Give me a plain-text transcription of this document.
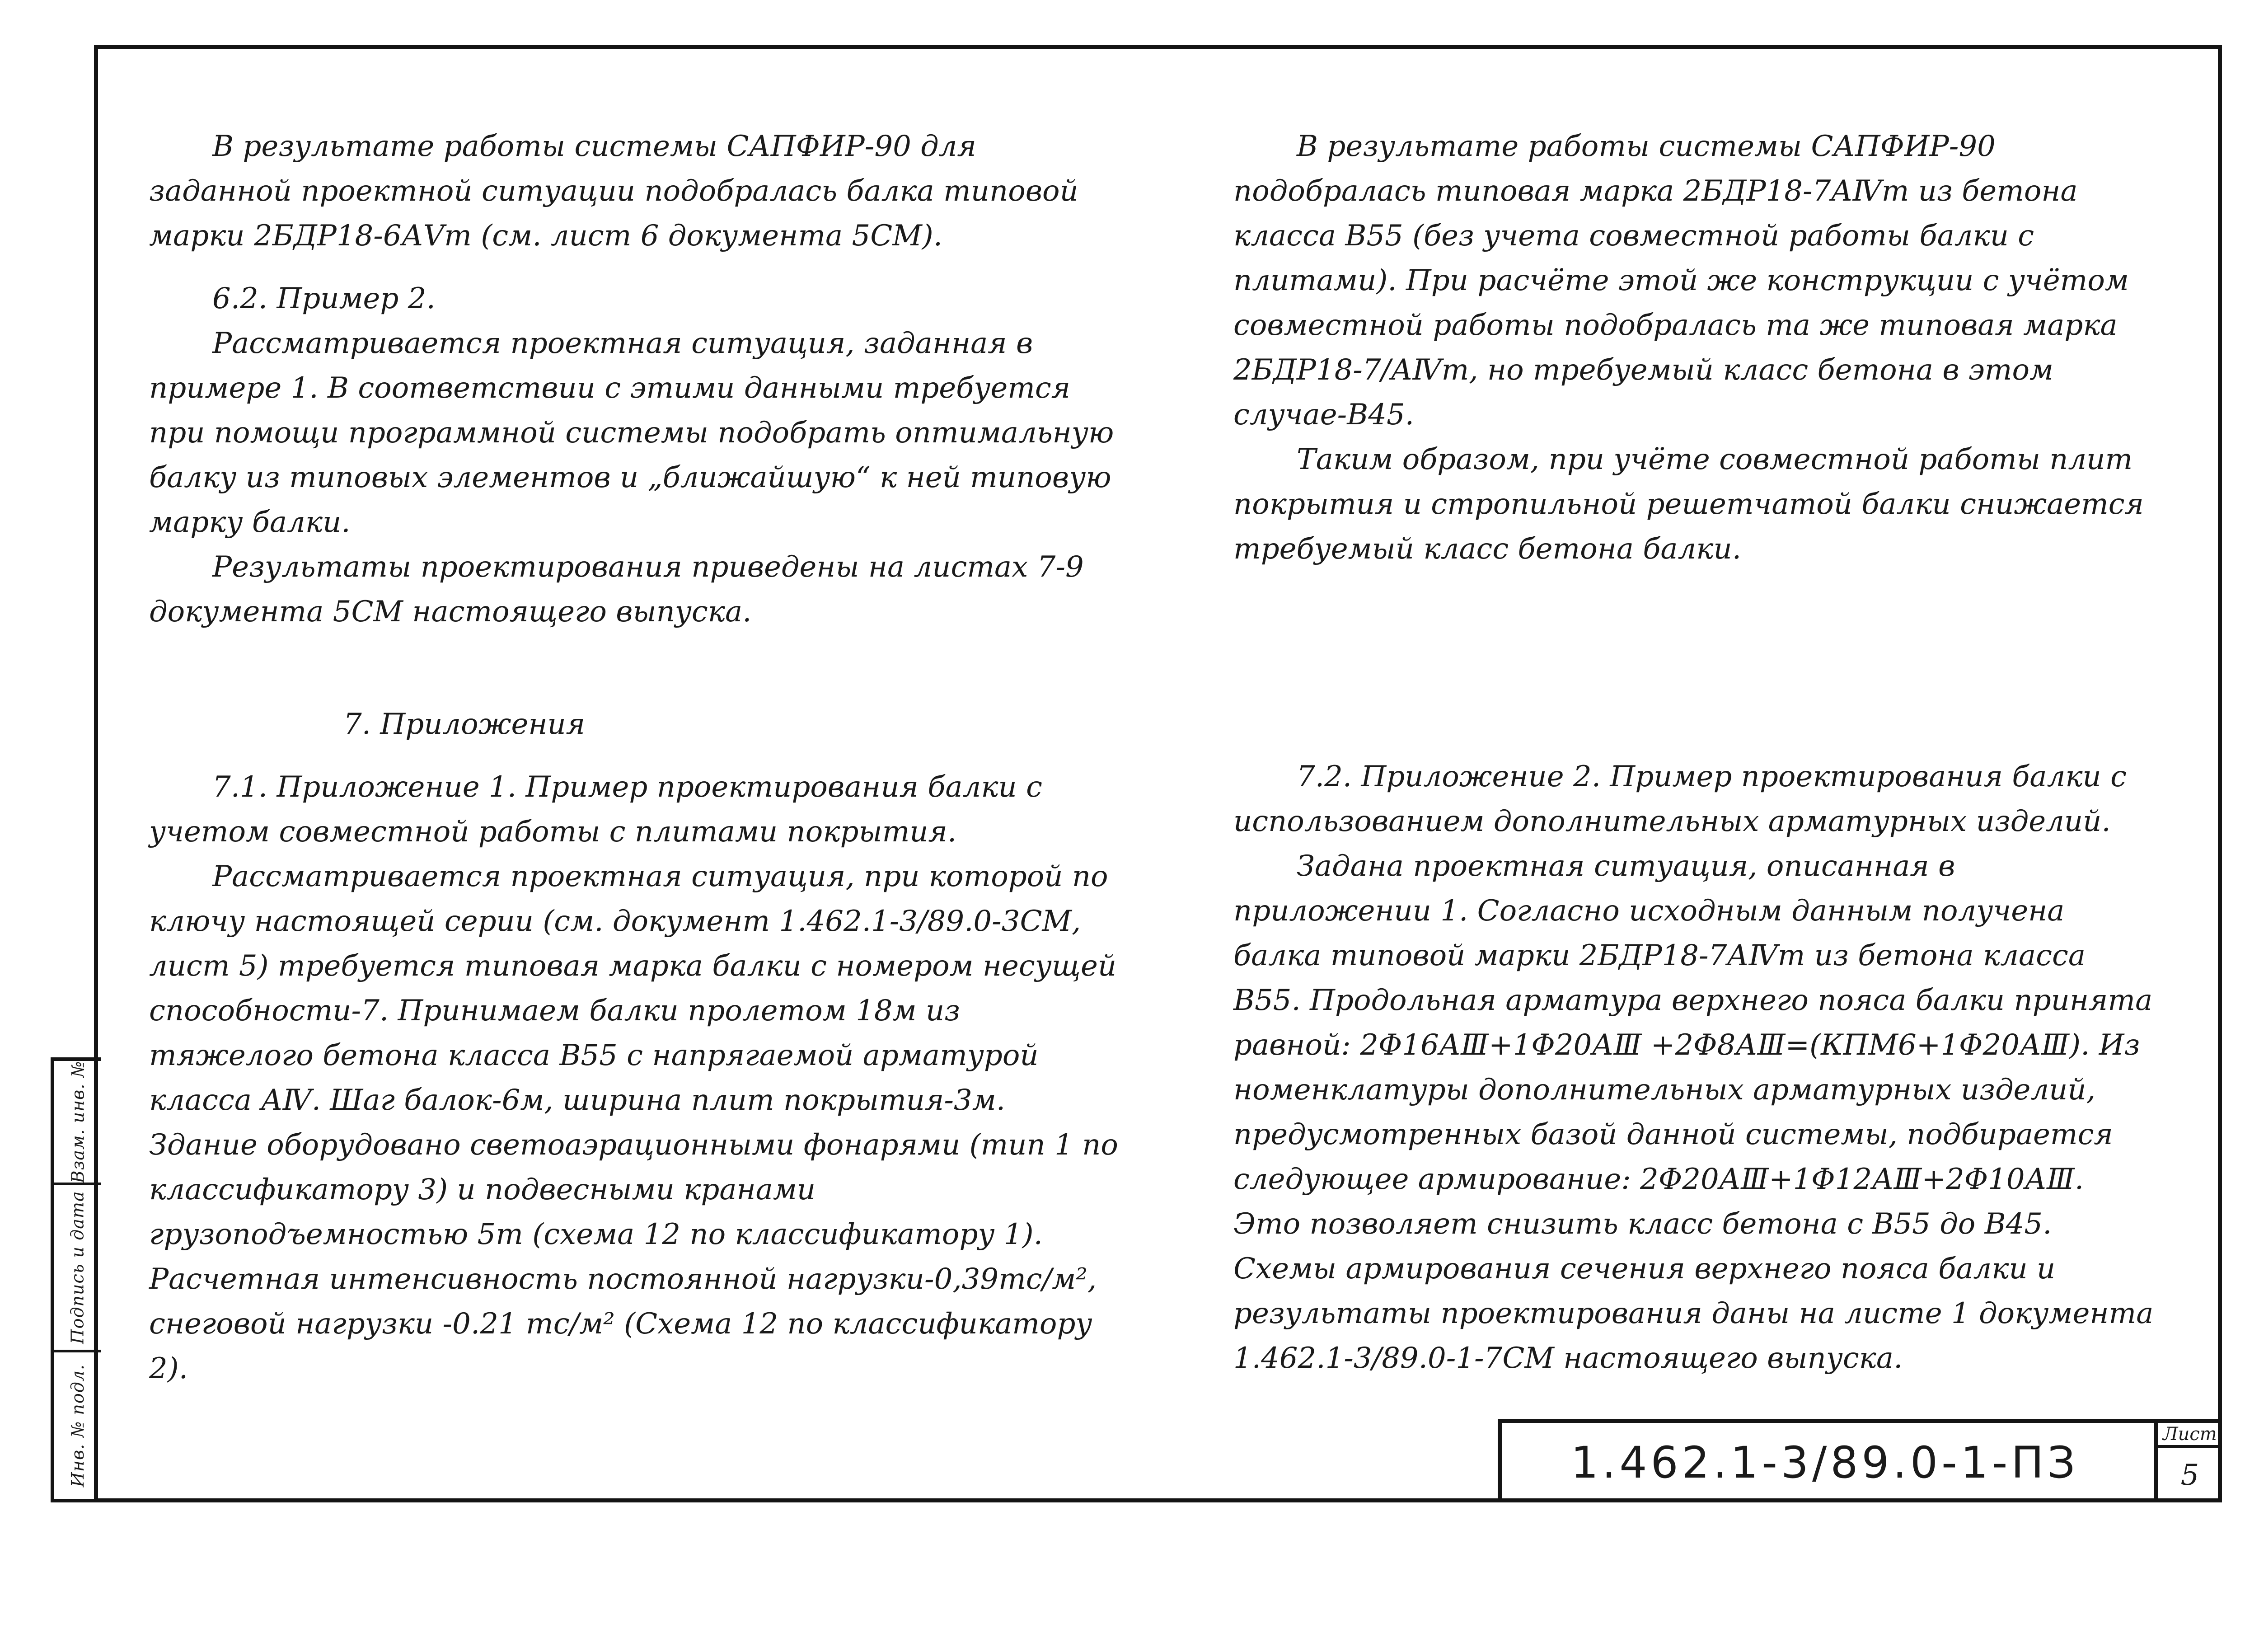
Взам. инв. №
Подпись и дата
Инв. № подл.

В результате работы системы САПФИР-90 для заданной проектной ситуации подобралась балка типовой марки 2БДР18-6АⅤт (см. лист 6 документа 5СМ).

6.2. Пример 2.

Рассматривается проектная ситуация, заданная в примере 1. В соответствии с этими данными требуется при помощи программной системы подобрать оптимальную балку из типовых элементов и „ближайшую“ к ней типовую марку балки.

Результаты проектирования приведены на листах 7-9 документа 5СМ настоящего выпуска.

7. Приложения

7.1. Приложение 1. Пример проектирования балки с учетом совместной работы с плитами покрытия.

Рассматривается проектная ситуация, при которой по ключу настоящей серии (см. документ 1.462.1-3/89.0-3СМ, лист 5) требуется типовая марка балки с номером несущей способности-7. Принимаем балки пролетом 18м из тяжелого бетона класса В55 с напрягаемой арматурой класса АⅣ. Шаг балок-6м, ширина плит покрытия-3м. Здание оборудовано светоаэрационными фонарями (тип 1 по классификатору 3) и подвесными кранами грузоподъемностью 5т (схема 12 по классификатору 1). Расчетная интенсивность постоянной нагрузки-0,39тс/м², снеговой нагрузки -0.21 тс/м² (Схема 12 по классификатору 2).

В результате работы системы САПФИР-90 подобралась типовая марка 2БДР18-7АⅣт из бетона класса В55 (без учета совместной работы балки с плитами). При расчёте этой же конструкции с учётом совместной работы подобралась та же типовая марка 2БДР18-7/АⅣт, но требуемый класс бетона в этом случае-В45.

Таким образом, при учёте совместной работы плит покрытия и стропильной решетчатой балки снижается требуемый класс бетона балки.

7.2. Приложение 2. Пример проектирования балки с использованием дополнительных арматурных изделий.

Задана проектная ситуация, описанная в приложении 1. Согласно исходным данным получена балка типовой марки 2БДР18-7АⅣт из бетона класса В55. Продольная арматура верхнего пояса балки принята равной: 2Φ16АⅢ+1Φ20АⅢ +2Φ8АⅢ=(КПМ6+1Φ20АⅢ). Из номенклатуры дополнительных арматурных изделий, предусмотренных базой данной системы, подбирается следующее армирование: 2Φ20АⅢ+1Φ12АⅢ+2Φ10АⅢ. Это позволяет снизить класс бетона с В55 до В45. Схемы армирования сечения верхнего пояса балки и результаты проектирования даны на листе 1 документа 1.462.1-3/89.0-1-7СМ настоящего выпуска.

1.462.1-3/89.0-1-ПЗ
Лист
5
